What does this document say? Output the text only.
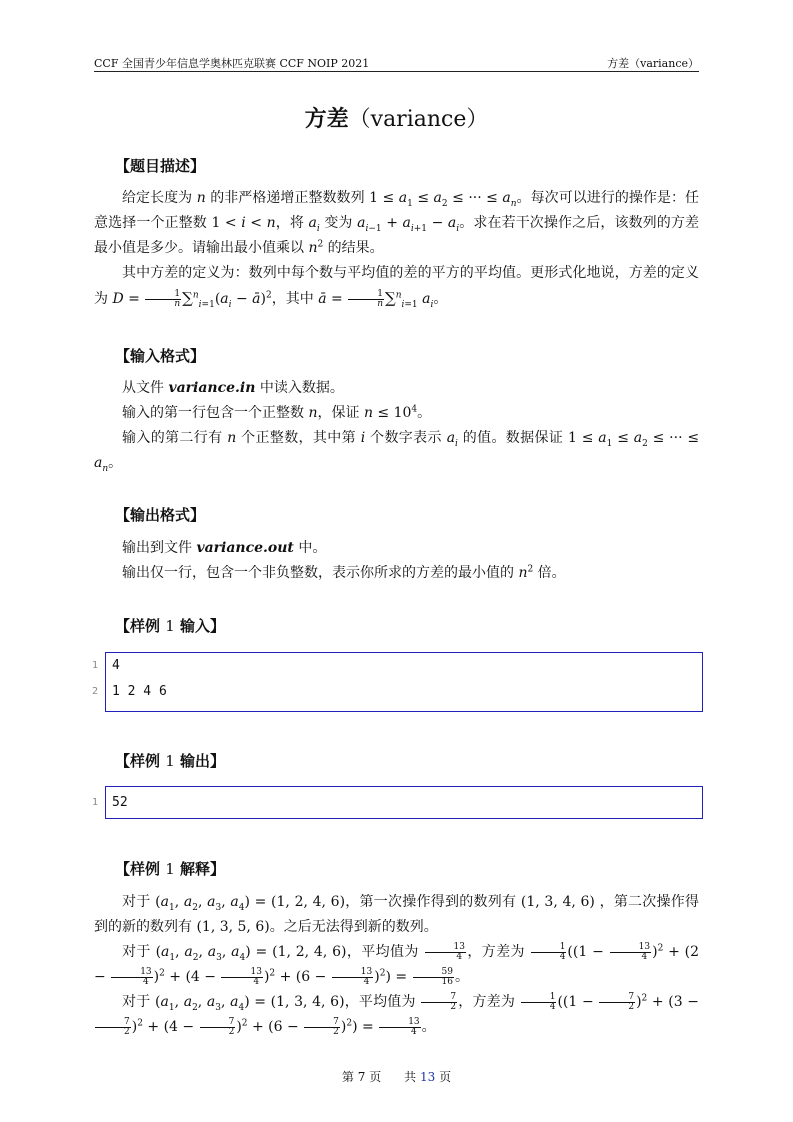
CCF 全国青少年信息学奥林匹克联赛 CCF NOIP 2021	方差（variance）
方差（variance）
【题目描述】

给定长度为 n 的非严格递增正整数数列 $1 \le a_1 \le a_2$ ≤ ··· ≤ $a_n$。每次可以进行的操作是：任意选择一个正整数 1 < i < n，将 $a_i$ 变为 $a_{i-1} + a_{i+1} - a_i$。求在若干次操作之后，该数列的方差最小值是多少。请输出最小值乘以 $n^2$ 的结果。

其中方差的定义为：数列中每个数与平均值的差的平方的平均值。更形式化地说，方差的定义为 $D = \frac{1}{n} \sum^n_{i=1}(a_i$ − ā)$^2$，其中 ā = $\frac{1}{n} \sum^n_{i=1}$ $a_i$。

【输入格式】

从文件 variance.in 中读入数据。

输入的第一行包含一个正整数 n，保证 $n \le 10^4$。

输入的第二行有 n 个正整数，其中第 i 个数字表示 $a_i$ 的值。数据保证 $1 \le a_1 \le a_2$ ≤ ··· ≤ $a_n$。

【输出格式】

输出到文件 variance.out 中。

输出仅一行，包含一个非负整数，表示你所求的方差的最小值的 $n^2$ 倍。

【样例 1 输入】
1 4
2 1 2 4 6
【样例 1 输出】
1 52
【样例 1 解释】

对于 ($a_1$, $a_2$, $a_3$, $a_4) = (1$, 2, 4, 6)，第一次操作得到的数列有 (1, 3, 4, 6) ，第二次操作得到的新的数列有 (1, 3, 5, 6)。之后无法得到新的数列。

对于 ($a_1$, $a_2$, $a_3$, $a_4) = (1$, 2, 4, 6)，平均值为 $\frac{13}{4}$ ，方差为 $\frac{1}{4} ((1 - \frac{13}{4} )^2 + (2 - \frac{13}{4} )^2 + (4 - \frac{13}{4} )^2 + (6 - \frac{13}{4} )^2) = \frac{59}{16}$ 。

对于 ($a_1$, $a_2$, $a_3$, $a_4) = (1$, 3, 4, 6)，平均值为 $\frac{7}{2}$ ，方差为 $\frac{1}{4} ((1 - \frac{7}{2} )^2 + (3$ −
$\frac{7}{2} )^2 + (4 - \frac{7}{2} )^2 + (6 - \frac{7}{2} )^2) = \frac{13}{4}$ 。

第 7 页 共 13 页
